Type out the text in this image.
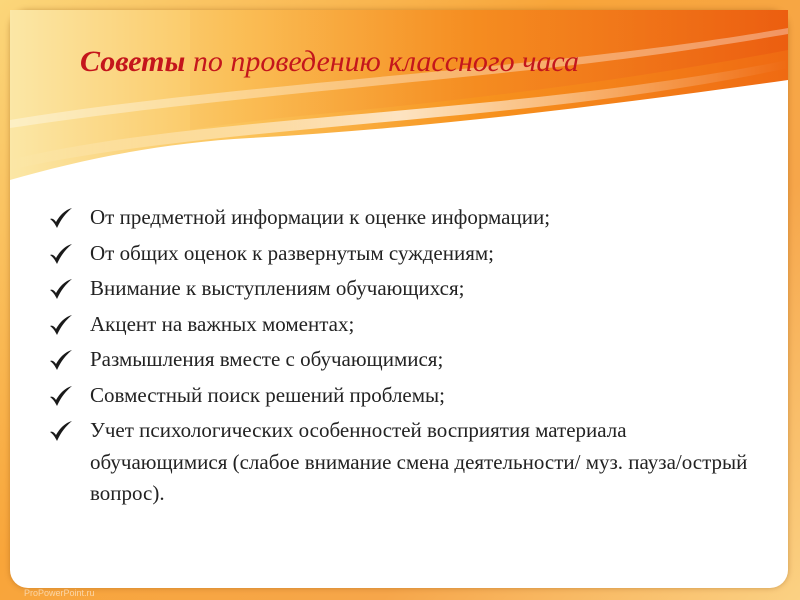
Советы по проведению классного часа
От предметной информации к оценке информации;
От общих оценок к развернутым суждениям;
Внимание к выступлениям обучающихся;
Акцент на важных моментах;
Размышления вместе с обучающимися;
Совместный поиск решений проблемы;
Учет психологических особенностей восприятия материала обучающимися (слабое внимание смена деятельности/ муз. пауза/острый вопрос).
ProPowerPoint.ru
